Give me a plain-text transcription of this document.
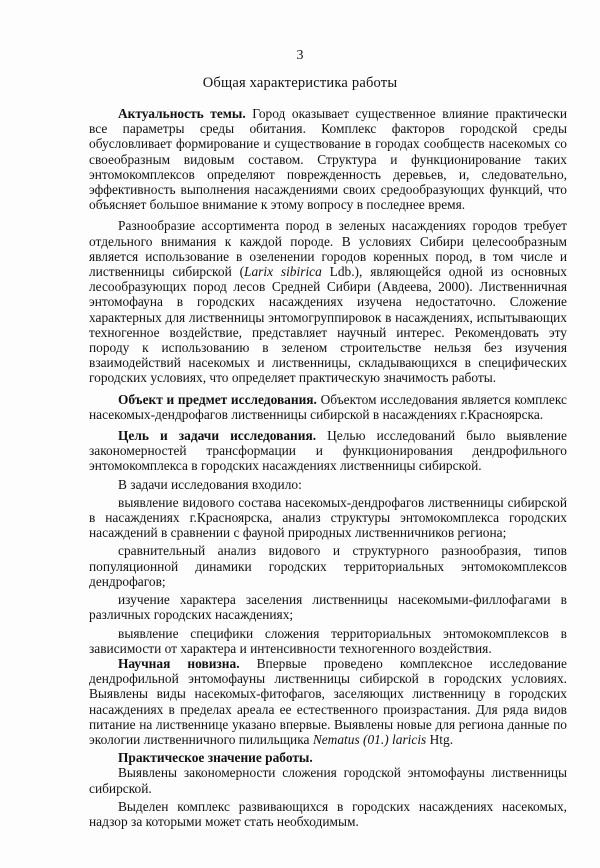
3
Общая характеристика работы

Актуальность темы. Город оказывает существенное влияние практически все параметры среды обитания. Комплекс факторов городской среды обусловливает формирование и существование в городах сообществ насекомых со своеобразным видовым составом. Структура и функционирование таких энтомокомплексов определяют поврежденность деревьев, и, следовательно, эффективность выполнения насаждениями своих средообразующих функций, что объясняет большое внимание к этому вопросу в последнее время.

Разнообразие ассортимента пород в зеленых насаждениях городов требует отдельного внимания к каждой породе. В условиях Сибири целесообразным является использование в озеленении городов коренных пород, в том числе и лиственницы сибирской (Larix sibirica Ldb.), являющейся одной из основных лесообразующих пород лесов Средней Сибири (Авдеева, 2000). Лиственничная энтомофауна в городских насаждениях изучена недостаточно. Сложение характерных для лиственницы энтомогруппировок в насаждениях, испытывающих техногенное воздействие, представляет научный интерес. Рекомендовать эту породу к использованию в зеленом строительстве нельзя без изучения взаимодействий насекомых и лиственницы, складывающихся в специфических городских условиях, что определяет практическую значимость работы.

Объект и предмет исследования. Объектом исследования является комплекс насекомых-дендрофагов лиственницы сибирской в насаждениях г.Красноярска.

Цель и задачи исследования. Целью исследований было выявление закономерностей трансформации и функционирования дендрофильного энтомокомплекса в городских насаждениях лиственницы сибирской.

В задачи исследования входило:

выявление видового состава насекомых-дендрофагов лиственницы сибирской в насаждениях г.Красноярска, анализ структуры энтомокомплекса городских насаждений в сравнении с фауной природных лиственничников региона;

сравнительный анализ видового и структурного разнообразия, типов популяционной динамики городских территориальных энтомокомплексов дендрофагов;

изучение характера заселения лиственницы насекомыми-филлофагами в различных городских насаждениях;

выявление специфики сложения территориальных энтомокомплексов в зависимости от характера и интенсивности техногенного воздействия.

Научная новизна. Впервые проведено комплексное исследование дендрофильной энтомофауны лиственницы сибирской в городских условиях. Выявлены виды насекомых-фитофагов, заселяющих лиственницу в городских насаждениях в пределах ареала ее естественного произрастания. Для ряда видов питание на лиственнице указано впервые. Выявлены новые для региона данные по экологии лиственничного пилильщика Nematus (01.) laricis Htg.

Практическое значение работы.

Выявлены закономерности сложения городской энтомофауны лиственницы сибирской.

Выделен комплекс развивающихся в городских насаждениях насекомых, надзор за которыми может стать необходимым.
